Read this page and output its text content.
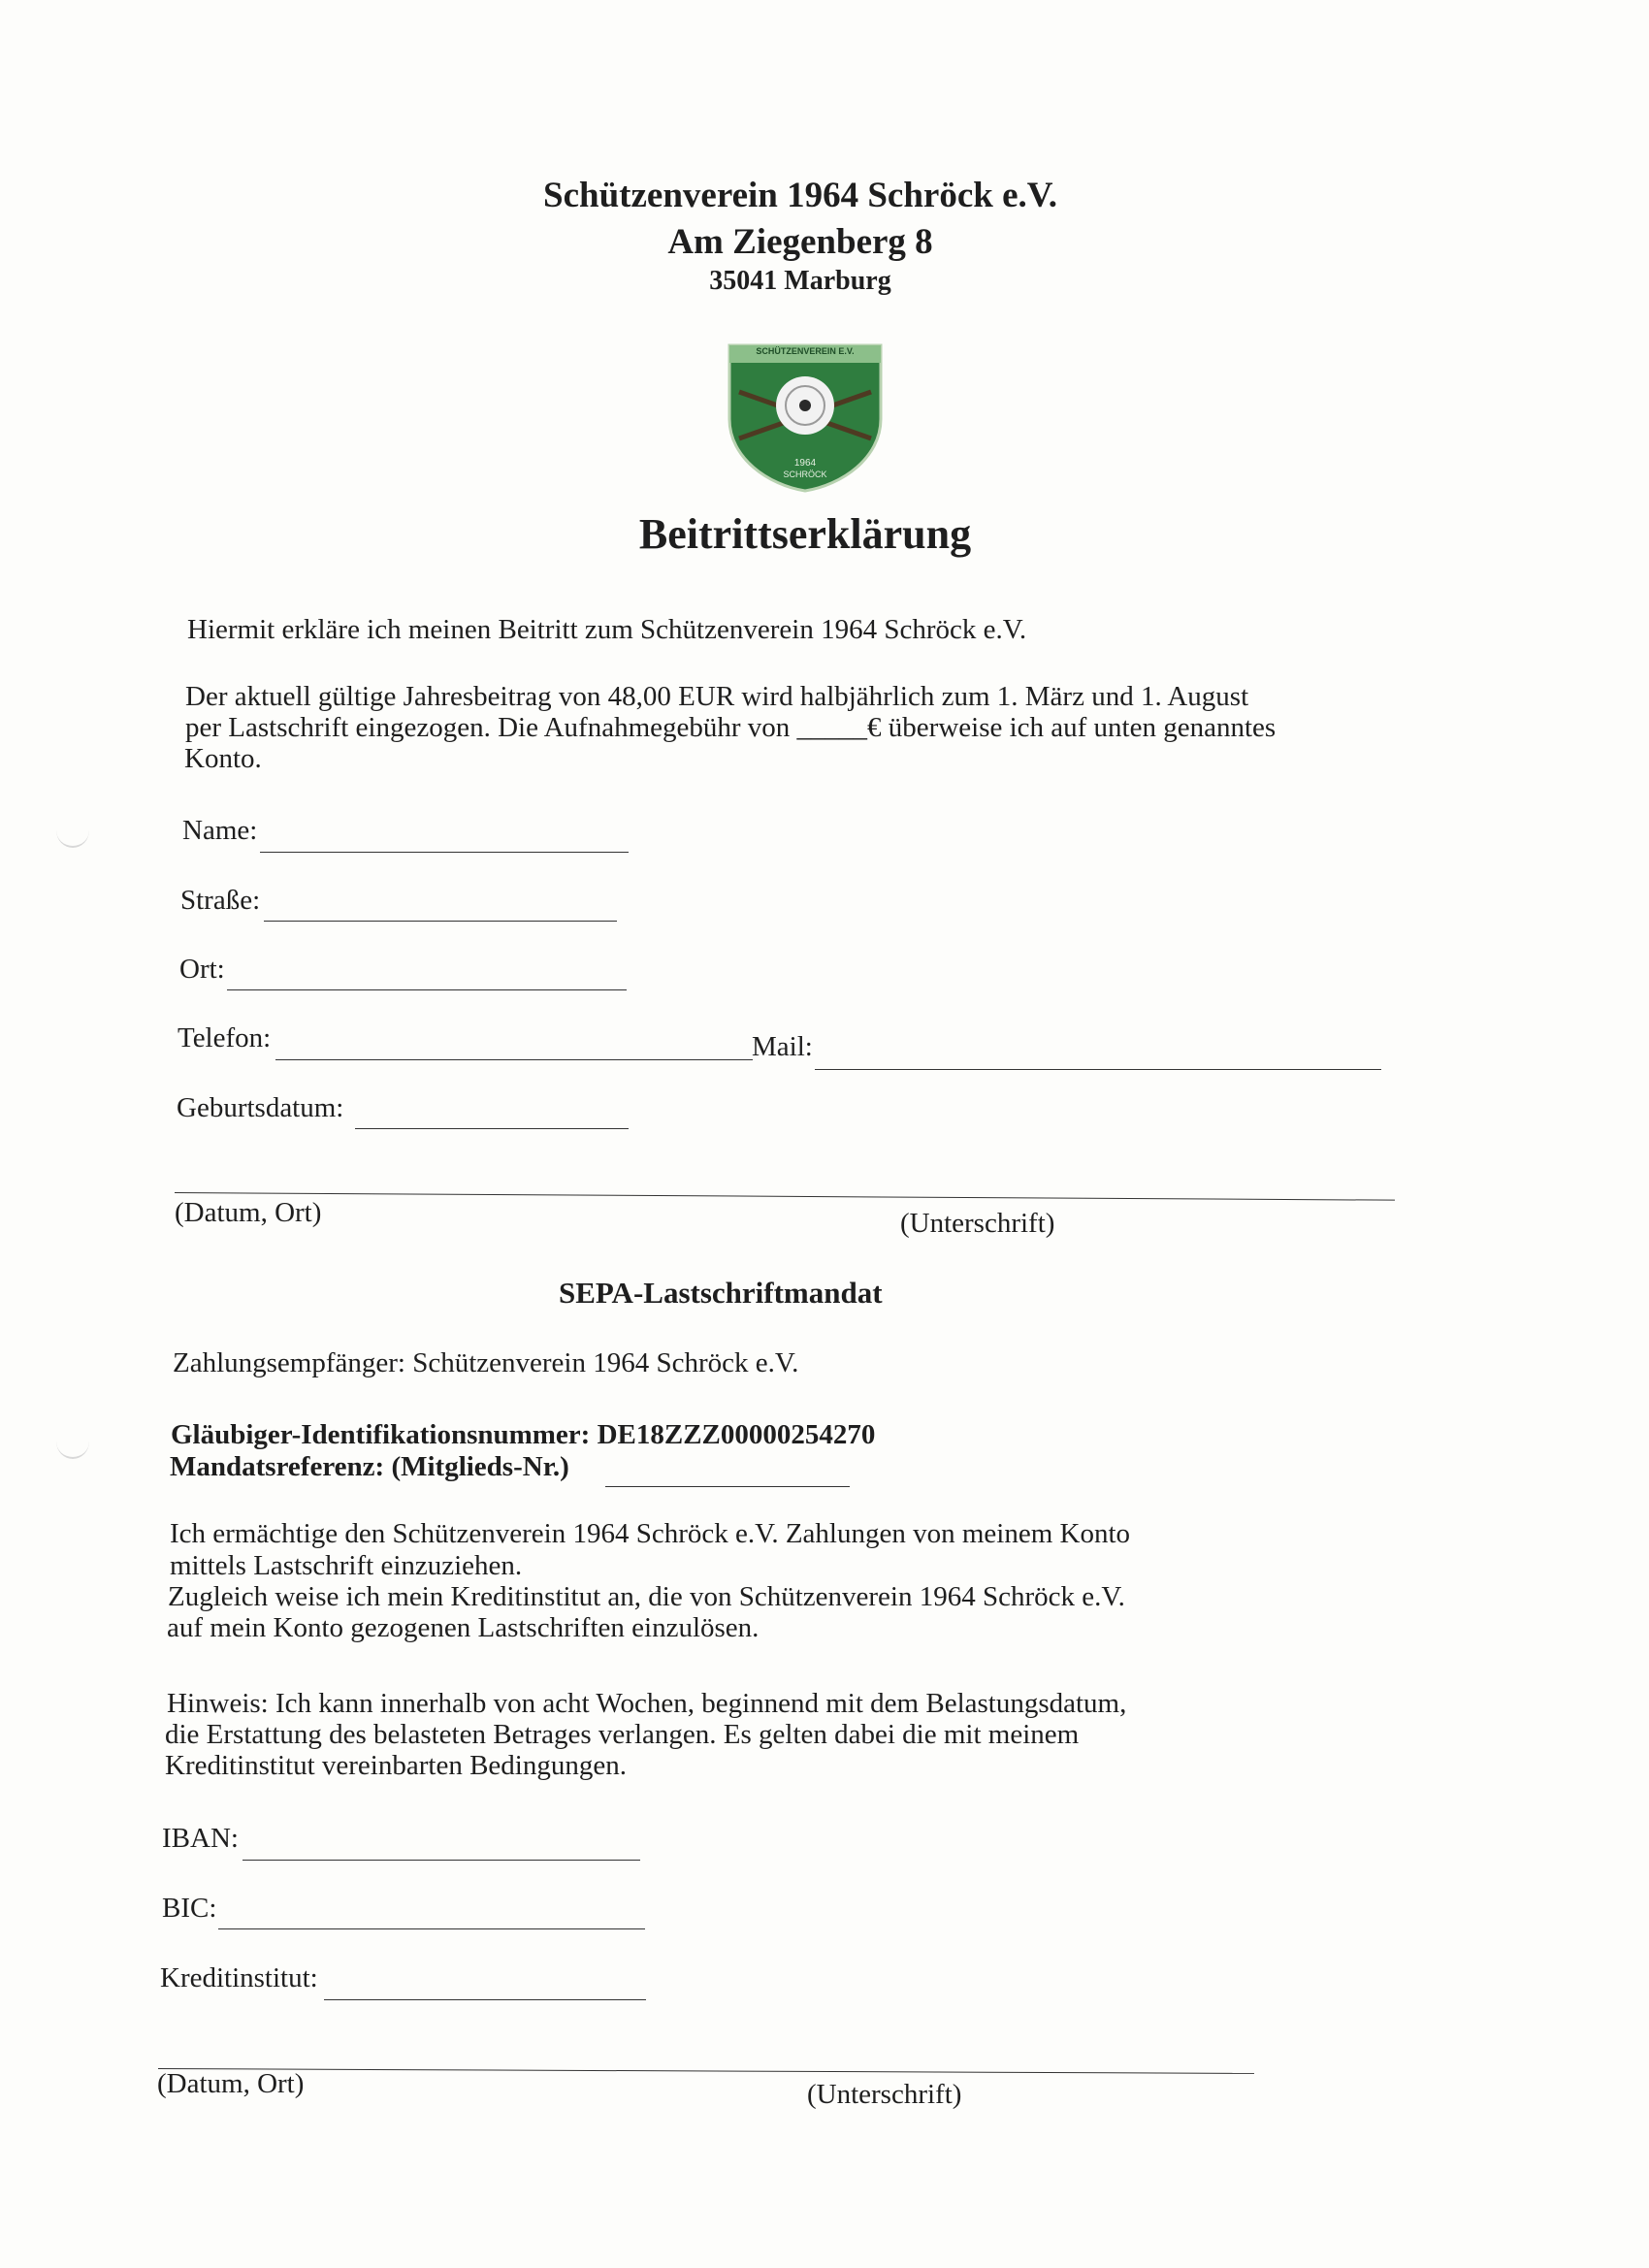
Schützenverein 1964 Schröck e.V.
Am Ziegenberg 8
35041 Marburg
SCHÜTZENVEREIN E.V.
1964
SCHRÖCK
Beitrittserklärung
Hiermit erkläre ich meinen Beitritt zum Schützenverein 1964 Schröck e.V.
Der aktuell gültige Jahresbeitrag von 48,00 EUR wird halbjährlich zum 1. März und 1. August
per Lastschrift eingezogen. Die Aufnahmegebühr von _____€ überweise ich auf unten genanntes
Konto.
Name:
Straße:
Ort:
Telefon:	Mail:
Geburtsdatum:
(Datum, Ort)	(Unterschrift)
SEPA-Lastschriftmandat
Zahlungsempfänger: Schützenverein 1964 Schröck e.V.
Gläubiger-Identifikationsnummer: DE18ZZZ00000254270
Mandatsreferenz: (Mitglieds-Nr.)
Ich ermächtige den Schützenverein 1964 Schröck e.V. Zahlungen von meinem Konto
mittels Lastschrift einzuziehen.
Zugleich weise ich mein Kreditinstitut an, die von Schützenverein 1964 Schröck e.V.
auf mein Konto gezogenen Lastschriften einzulösen.
Hinweis: Ich kann innerhalb von acht Wochen, beginnend mit dem Belastungsdatum,
die Erstattung des belasteten Betrages verlangen. Es gelten dabei die mit meinem
Kreditinstitut vereinbarten Bedingungen.
IBAN:
BIC:
Kreditinstitut:
(Datum, Ort)	(Unterschrift)
